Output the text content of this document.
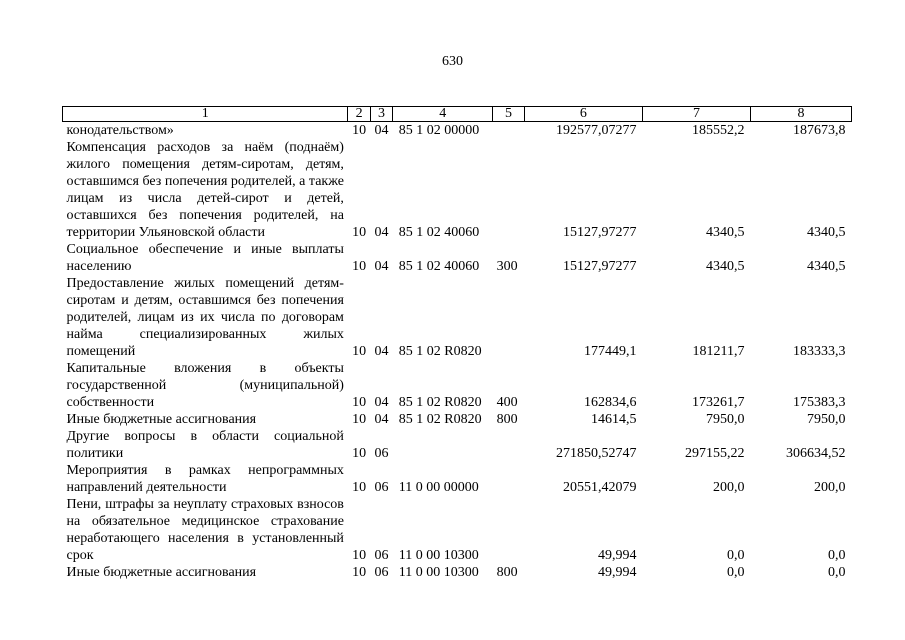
630
1	2	3	4	5	6	7	8
конодательством»	10	04	85 1 02 00000		192577,07277	185552,2	187673,8
Компенсация расходов за наём (поднаём) жилого помещения детям-сиротам, детям, оставшимся без попечения родителей, а также лицам из числа детей-сирот и детей, оставшихся без попечения родителей, на территории Ульяновской области	10	04	85 1 02 40060		15127,97277	4340,5	4340,5
Социальное обеспечение и иные выплаты населению	10	04	85 1 02 40060	300	15127,97277	4340,5	4340,5
Предоставление жилых помещений детям-сиротам и детям, оставшимся без попечения родителей, лицам из их числа по договорам найма специализированных жилых помещений	10	04	85 1 02 R0820		177449,1	181211,7	183333,3
Капитальные вложения в объекты государственной (муниципальной) собственности	10	04	85 1 02 R0820	400	162834,6	173261,7	175383,3
Иные бюджетные ассигнования	10	04	85 1 02 R0820	800	14614,5	7950,0	7950,0
Другие вопросы в области социальной политики	10	06			271850,52747	297155,22	306634,52
Мероприятия в рамках непрограммных направлений деятельности	10	06	11 0 00 00000		20551,42079	200,0	200,0
Пени, штрафы за неуплату страховых взносов на обязательное медицинское страхование неработающего населения в установленный срок	10	06	11 0 00 10300		49,994	0,0	0,0
Иные бюджетные ассигнования	10	06	11 0 00 10300	800	49,994	0,0	0,0
